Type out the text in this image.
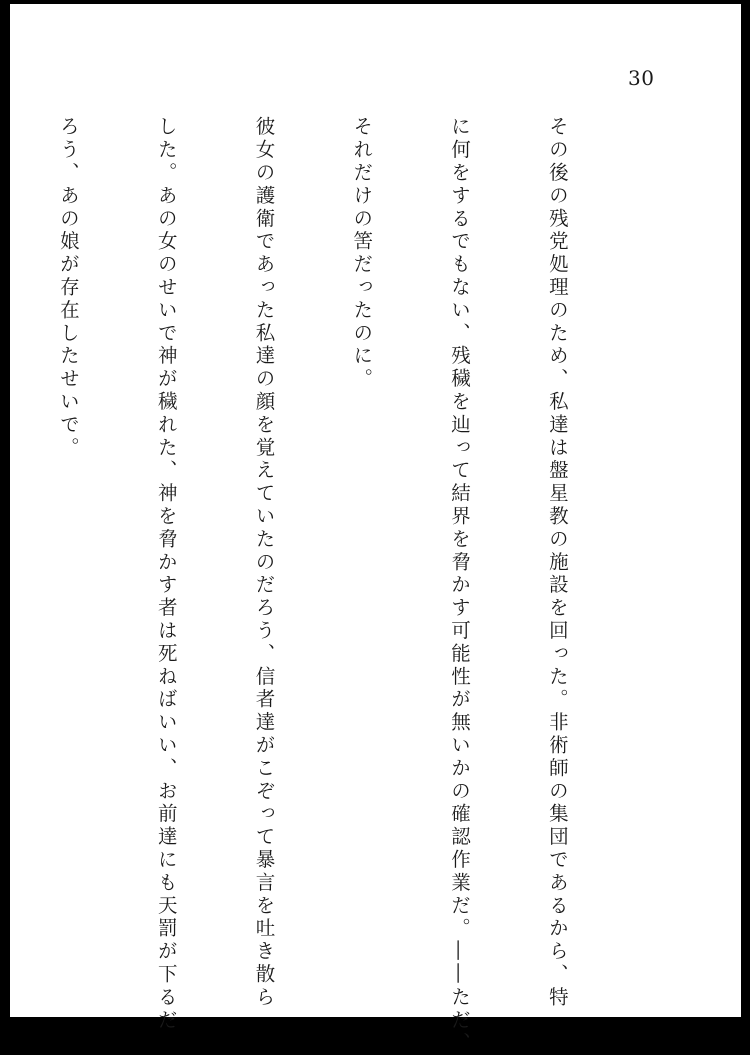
30

その後の残党処理のため、私達は盤星教の施設を回った。非術師の集団であるから、特

に何をするでもない、残穢を辿って結界を脅かす可能性が無いかの確認作業だ。――ただ、

それだけの筈だったのに。

彼女の護衛であった私達の顔を覚えていたのだろう、信者達がこぞって暴言を吐き散ら

した。あの女のせいで神が穢れた、神を脅かす者は死ねばいい、お前達にも天罰が下るだ

ろう、あの娘が存在したせいで。
